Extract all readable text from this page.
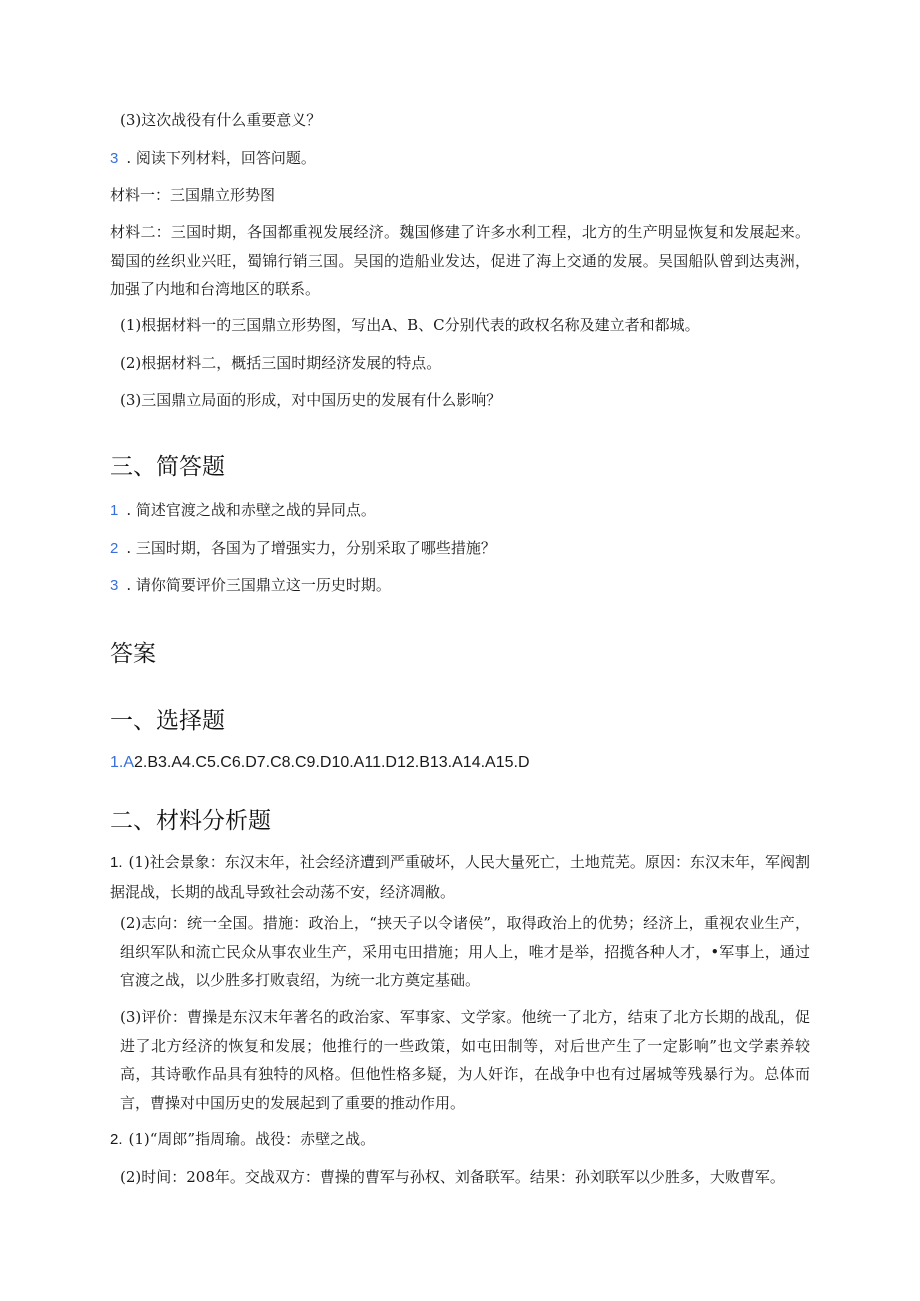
(3)这次战役有什么重要意义？
3 . 阅读下列材料，回答问题。
材料一：三国鼎立形势图
材料二：三国时期，各国都重视发展经济。魏国修建了许多水利工程，北方的生产明显恢复和发展起来。蜀国的丝织业兴旺，蜀锦行销三国。吴国的造船业发达，促进了海上交通的发展。吴国船队曾到达夷洲，加强了内地和台湾地区的联系。
(1)根据材料一的三国鼎立形势图，写出A、B、C分别代表的政权名称及建立者和都城。
(2)根据材料二，概括三国时期经济发展的特点。
(3)三国鼎立局面的形成，对中国历史的发展有什么影响？
三、简答题
1 . 简述官渡之战和赤壁之战的异同点。
2 . 三国时期，各国为了增强实力，分别采取了哪些措施？
3 . 请你简要评价三国鼎立这一历史时期。
答案
一、选择题
1.A2.B3.A4.C5.C6.D7.C8.C9.D10.A11.D12.B13.A14.A15.D
二、材料分析题
1. (1)社会景象：东汉末年，社会经济遭到严重破坏，人民大量死亡，土地荒芜。原因：东汉末年，军阀割据混战，长期的战乱导致社会动荡不安，经济凋敝。
(2)志向：统一全国。措施：政治上，“挟天子以令诸侯”，取得政治上的优势；经济上，重视农业生产，组织军队和流亡民众从事农业生产，采用屯田措施；用人上，唯才是举，招揽各种人才，•军事上，通过官渡之战，以少胜多打败袁绍，为统一北方奠定基础。
(3)评价：曹操是东汉末年著名的政治家、军事家、文学家。他统一了北方，结束了北方长期的战乱，促进了北方经济的恢复和发展；他推行的一些政策，如屯田制等，对后世产生了一定影响”也文学素养较高，其诗歌作品具有独特的风格。但他性格多疑，为人奸诈，在战争中也有过屠城等残暴行为。总体而言，曹操对中国历史的发展起到了重要的推动作用。
2. (1)“周郎”指周瑜。战役：赤壁之战。
(2)时间：208年。交战双方：曹操的曹军与孙权、刘备联军。结果：孙刘联军以少胜多，大败曹军。
